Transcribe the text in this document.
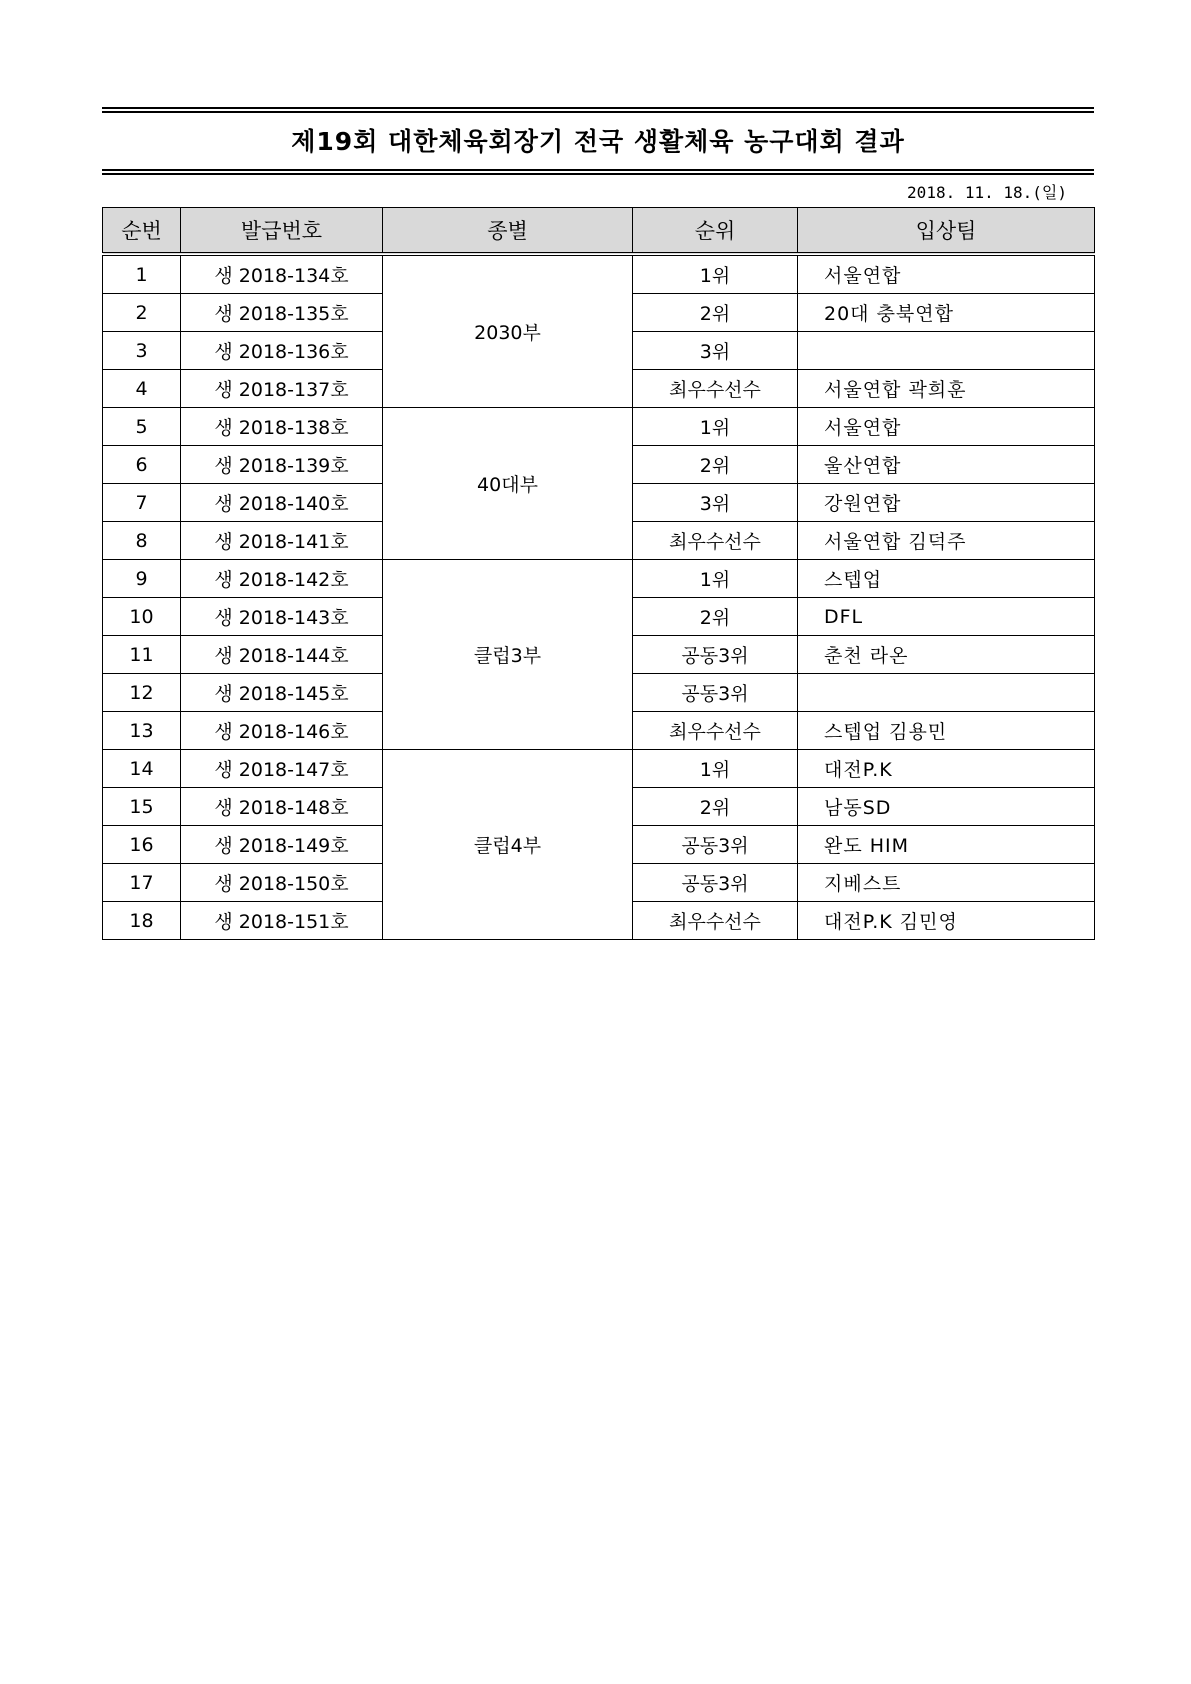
제19회 대한체육회장기 전국 생활체육 농구대회 결과
2018. 11. 18.(일)
순번	발급번호	종별	순위	입상팀
1	생 2018-134호	2030부	1위	서울연합
2	생 2018-135호		2위	20대 충북연합
3	생 2018-136호		3위	
4	생 2018-137호		최우수선수	서울연합 곽희훈
5	생 2018-138호	40대부	1위	서울연합
6	생 2018-139호		2위	울산연합
7	생 2018-140호		3위	강원연합
8	생 2018-141호		최우수선수	서울연합 김덕주
9	생 2018-142호	클럽3부	1위	스텝업
10	생 2018-143호		2위	DFL
11	생 2018-144호		공동3위	춘천 라온
12	생 2018-145호		공동3위	
13	생 2018-146호		최우수선수	스텝업 김용민
14	생 2018-147호	클럽4부	1위	대전P.K
15	생 2018-148호		2위	남동SD
16	생 2018-149호		공동3위	완도 HIM
17	생 2018-150호		공동3위	지베스트
18	생 2018-151호		최우수선수	대전P.K 김민영
